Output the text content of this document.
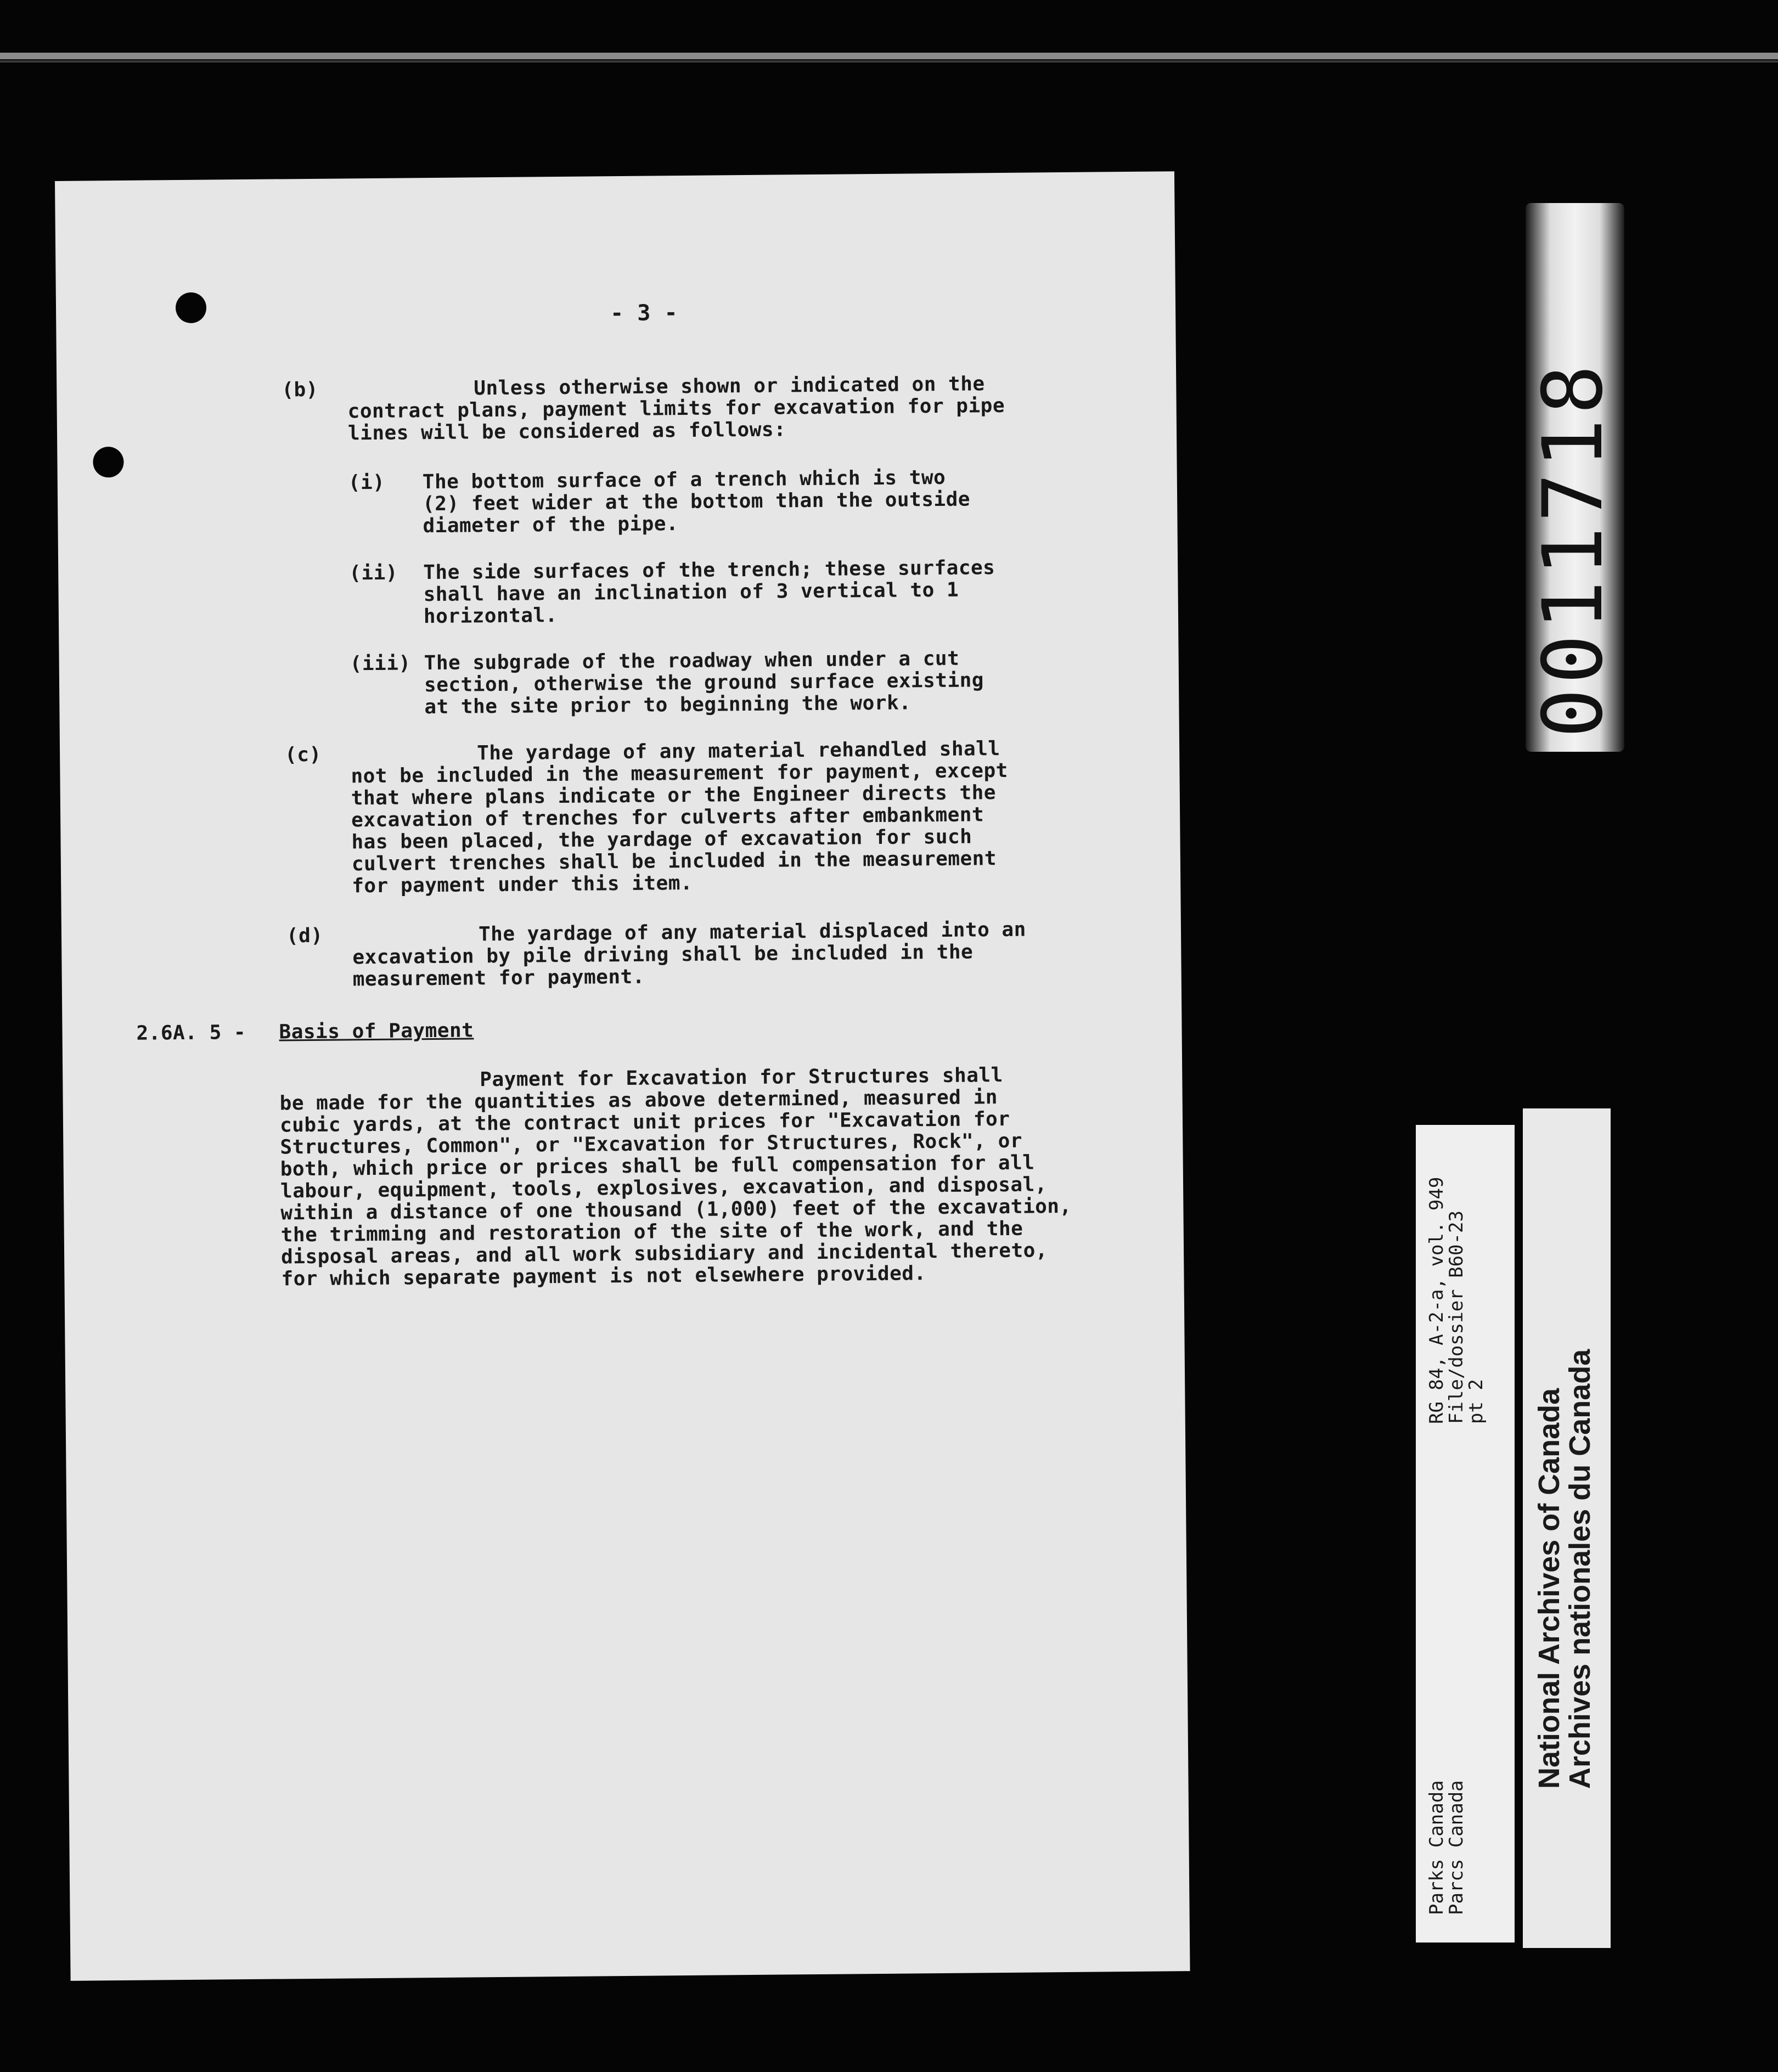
- 3 -
(b)	Unless otherwise shown or indicated on the
contract plans, payment limits for excavation for pipe
lines will be considered as follows:
(i) The bottom surface of a trench which is two
(2) feet wider at the bottom than the outside
diameter of the pipe.
(ii) The side surfaces of the trench; these surfaces
shall have an inclination of 3 vertical to 1
horizontal.
(iii) The subgrade of the roadway when under a cut
section, otherwise the ground surface existing
at the site prior to beginning the work.
(c)	The yardage of any material rehandled shall
not be included in the measurement for payment, except
that where plans indicate or the Engineer directs the
excavation of trenches for culverts after embankment
has been placed, the yardage of excavation for such
culvert trenches shall be included in the measurement
for payment under this item.
(d)	The yardage of any material displaced into an
excavation by pile driving shall be included in the
measurement for payment.
2.6A. 5 - Basis of Payment
Payment for Excavation for Structures shall
be made for the quantities as above determined, measured in
cubic yards, at the contract unit prices for "Excavation for
Structures, Common", or "Excavation for Structures, Rock", or
both, which price or prices shall be full compensation for all
labour, equipment, tools, explosives, excavation, and disposal,
within a distance of one thousand (1,000) feet of the excavation,
the trimming and restoration of the site of the work, and the
disposal areas, and all work subsidiary and incidental thereto,
for which separate payment is not elsewhere provided.
0011718
RG 84, A-2-a, vol. 949
File/dossier B60-23
pt 2
Parks Canada
Parcs Canada
National Archives of Canada
Archives nationales du Canada
